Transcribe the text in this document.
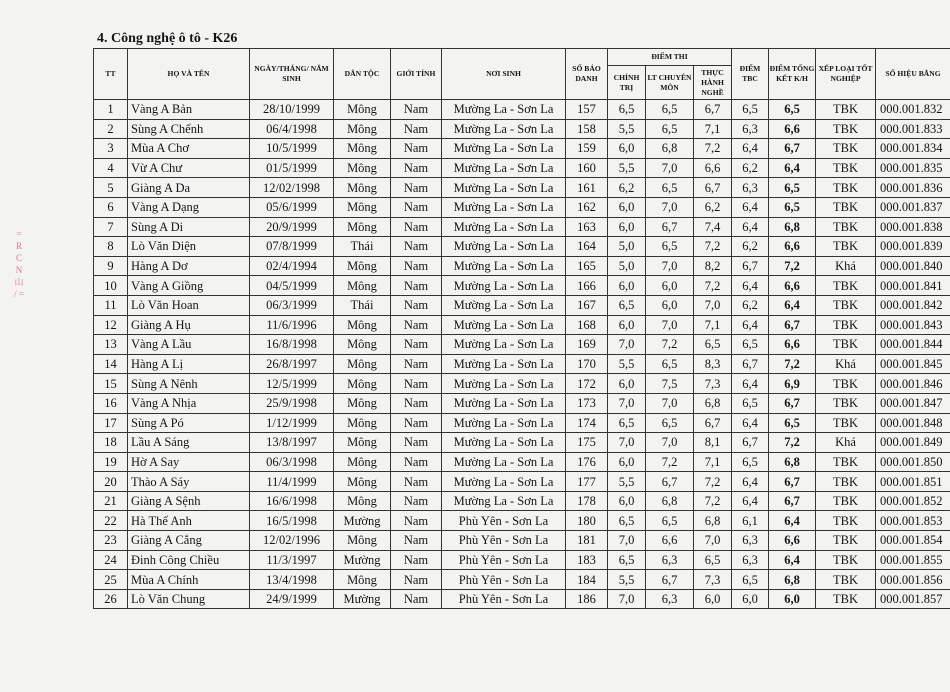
4. Công nghệ ô tô - K26
= R C N 山 / =
TT	HỌ VÀ TÊN	NGÀY/THÁNG/ NĂM SINH	DÂN TỘC	GIỚI TÍNH	NƠI SINH	SỐ BÁO DANH	ĐIỂM THI			ĐIỂM TBC	ĐIỂM TỔNG KẾT K/H	XẾP LOẠI TỐT NGHIỆP	SỐ HIỆU BẰNG
							CHÍNH TRỊ	LT CHUYÊN MÔN	THỰC HÀNH NGHỀ				
1	Vàng A Bản	28/10/1999	Mông	Nam	Mường La - Sơn La	157	6,5	6,5	6,7	6,5	6,5	TBK	000.001.832
2	Sùng A Chểnh	06/4/1998	Mông	Nam	Mường La - Sơn La	158	5,5	6,5	7,1	6,3	6,6	TBK	000.001.833
3	Mùa A Chơ	10/5/1999	Mông	Nam	Mường La - Sơn La	159	6,0	6,8	7,2	6,4	6,7	TBK	000.001.834
4	Vừ A Chư	01/5/1999	Mông	Nam	Mường La - Sơn La	160	5,5	7,0	6,6	6,2	6,4	TBK	000.001.835
5	Giàng A Da	12/02/1998	Mông	Nam	Mường La - Sơn La	161	6,2	6,5	6,7	6,3	6,5	TBK	000.001.836
6	Vàng A Dạng	05/6/1999	Mông	Nam	Mường La - Sơn La	162	6,0	7,0	6,2	6,4	6,5	TBK	000.001.837
7	Sùng A Di	20/9/1999	Mông	Nam	Mường La - Sơn La	163	6,0	6,7	7,4	6,4	6,8	TBK	000.001.838
8	Lò Văn Diện	07/8/1999	Thái	Nam	Mường La - Sơn La	164	5,0	6,5	7,2	6,2	6,6	TBK	000.001.839
9	Hàng A Dơ	02/4/1994	Mông	Nam	Mường La - Sơn La	165	5,0	7,0	8,2	6,7	7,2	Khá	000.001.840
10	Vàng A Giồng	04/5/1999	Mông	Nam	Mường La - Sơn La	166	6,0	6,0	7,2	6,4	6,6	TBK	000.001.841
11	Lò Văn Hoan	06/3/1999	Thái	Nam	Mường La - Sơn La	167	6,5	6,0	7,0	6,2	6,4	TBK	000.001.842
12	Giàng A Hụ	11/6/1996	Mông	Nam	Mường La - Sơn La	168	6,0	7,0	7,1	6,4	6,7	TBK	000.001.843
13	Vàng A Lầu	16/8/1998	Mông	Nam	Mường La - Sơn La	169	7,0	7,2	6,5	6,5	6,6	TBK	000.001.844
14	Hàng A Lị	26/8/1997	Mông	Nam	Mường La - Sơn La	170	5,5	6,5	8,3	6,7	7,2	Khá	000.001.845
15	Sùng A Nênh	12/5/1999	Mông	Nam	Mường La - Sơn La	172	6,0	7,5	7,3	6,4	6,9	TBK	000.001.846
16	Vàng A Nhịa	25/9/1998	Mông	Nam	Mường La - Sơn La	173	7,0	7,0	6,8	6,5	6,7	TBK	000.001.847
17	Sùng A Pó	1/12/1999	Mông	Nam	Mường La - Sơn La	174	6,5	6,5	6,7	6,4	6,5	TBK	000.001.848
18	Lầu A Sáng	13/8/1997	Mông	Nam	Mường La - Sơn La	175	7,0	7,0	8,1	6,7	7,2	Khá	000.001.849
19	Hờ A Say	06/3/1998	Mông	Nam	Mường La - Sơn La	176	6,0	7,2	7,1	6,5	6,8	TBK	000.001.850
20	Thào A Sáy	11/4/1999	Mông	Nam	Mường La - Sơn La	177	5,5	6,7	7,2	6,4	6,7	TBK	000.001.851
21	Giàng A Sệnh	16/6/1998	Mông	Nam	Mường La - Sơn La	178	6,0	6,8	7,2	6,4	6,7	TBK	000.001.852
22	Hà Thế Anh	16/5/1998	Mường	Nam	Phù Yên - Sơn La	180	6,5	6,5	6,8	6,1	6,4	TBK	000.001.853
23	Giàng A Cắng	12/02/1996	Mông	Nam	Phù Yên - Sơn La	181	7,0	6,6	7,0	6,3	6,6	TBK	000.001.854
24	Đinh Công Chiều	11/3/1997	Mường	Nam	Phù Yên - Sơn La	183	6,5	6,3	6,5	6,3	6,4	TBK	000.001.855
25	Mùa A Chính	13/4/1998	Mông	Nam	Phù Yên - Sơn La	184	5,5	6,7	7,3	6,5	6,8	TBK	000.001.856
26	Lò Văn Chung	24/9/1999	Mường	Nam	Phù Yên - Sơn La	186	7,0	6,3	6,0	6,0	6,0	TBK	000.001.857
